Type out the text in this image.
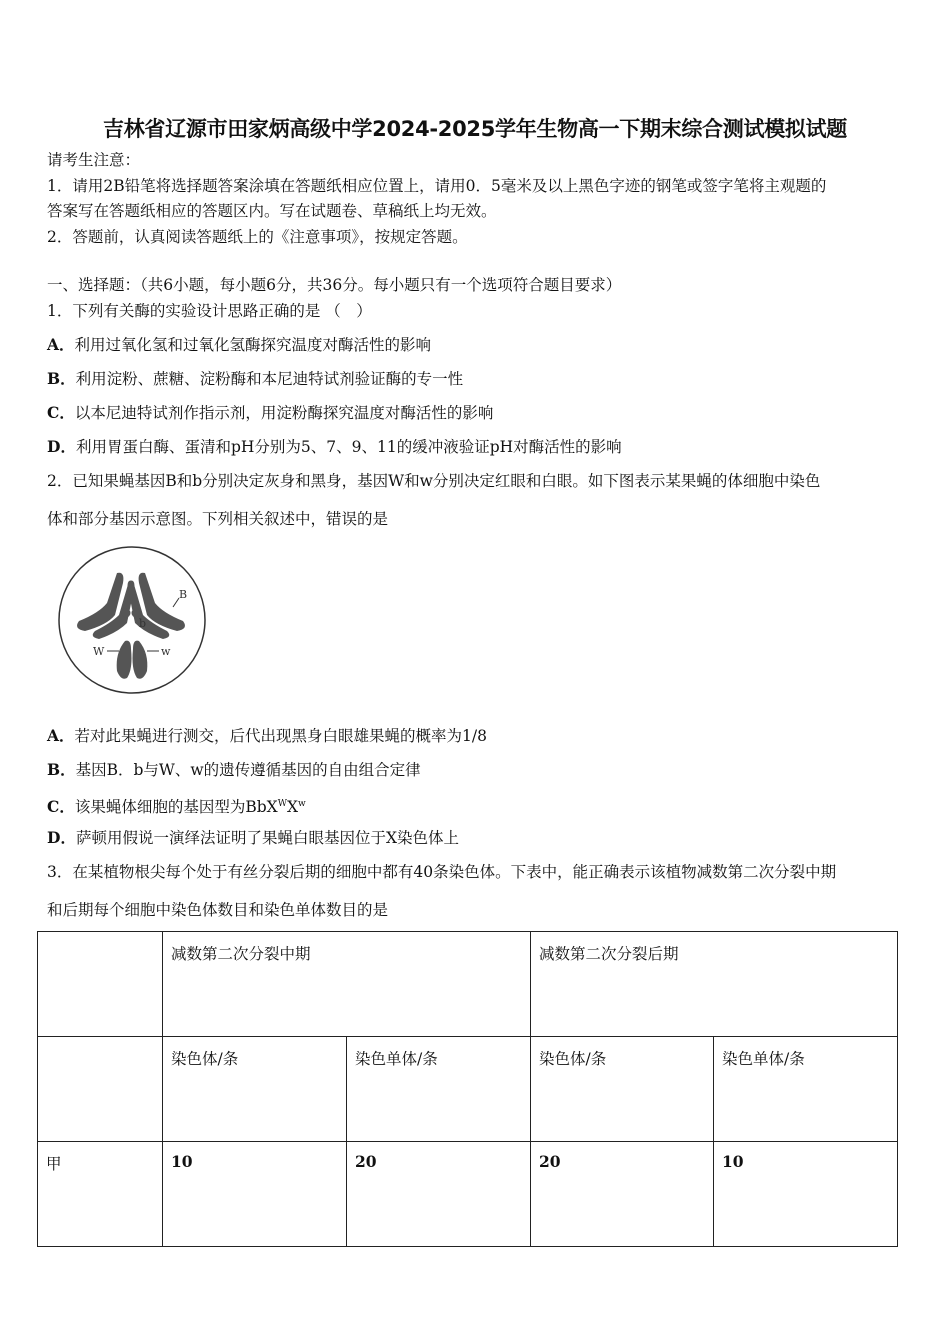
吉林省辽源市田家炳高级中学2024-2025学年生物高一下期末综合测试模拟试题
请考生注意：
1．请用2B铅笔将选择题答案涂填在答题纸相应位置上，请用0．5毫米及以上黑色字迹的钢笔或签字笔将主观题的
答案写在答题纸相应的答题区内。写在试题卷、草稿纸上均无效。
2．答题前，认真阅读答题纸上的《注意事项》，按规定答题。
一、选择题：（共6小题，每小题6分，共36分。每小题只有一个选项符合题目要求）
1．下列有关酶的实验设计思路正确的是 （　）
A．利用过氧化氢和过氧化氢酶探究温度对酶活性的影响
B．利用淀粉、蔗糖、淀粉酶和本尼迪特试剂验证酶的专一性
C．以本尼迪特试剂作指示剂，用淀粉酶探究温度对酶活性的影响
D．利用胃蛋白酶、蛋清和pH分别为5、7、9、11的缓冲液验证pH对酶活性的影响
2．已知果蝇基因B和b分别决定灰身和黑身，基因W和w分别决定红眼和白眼。如下图表示某果蝇的体细胞中染色
体和部分基因示意图。下列相关叙述中，错误的是
B
b
W	w
A．若对此果蝇进行测交，后代出现黑身白眼雄果蝇的概率为1/8
B．基因B．b与W、w的遗传遵循基因的自由组合定律
C．该果蝇体细胞的基因型为$BbX^WX^w$
D．萨顿用假说一演绎法证明了果蝇白眼基因位于X染色体上
3．在某植物根尖每个处于有丝分裂后期的细胞中都有40条染色体。下表中，能正确表示该植物减数第二次分裂中期
和后期每个细胞中染色体数目和染色单体数目的是
	减数第二次分裂中期		减数第二次分裂后期	
	染色体/条	染色单体/条	染色体/条	染色单体/条
甲	10	20	20	10
